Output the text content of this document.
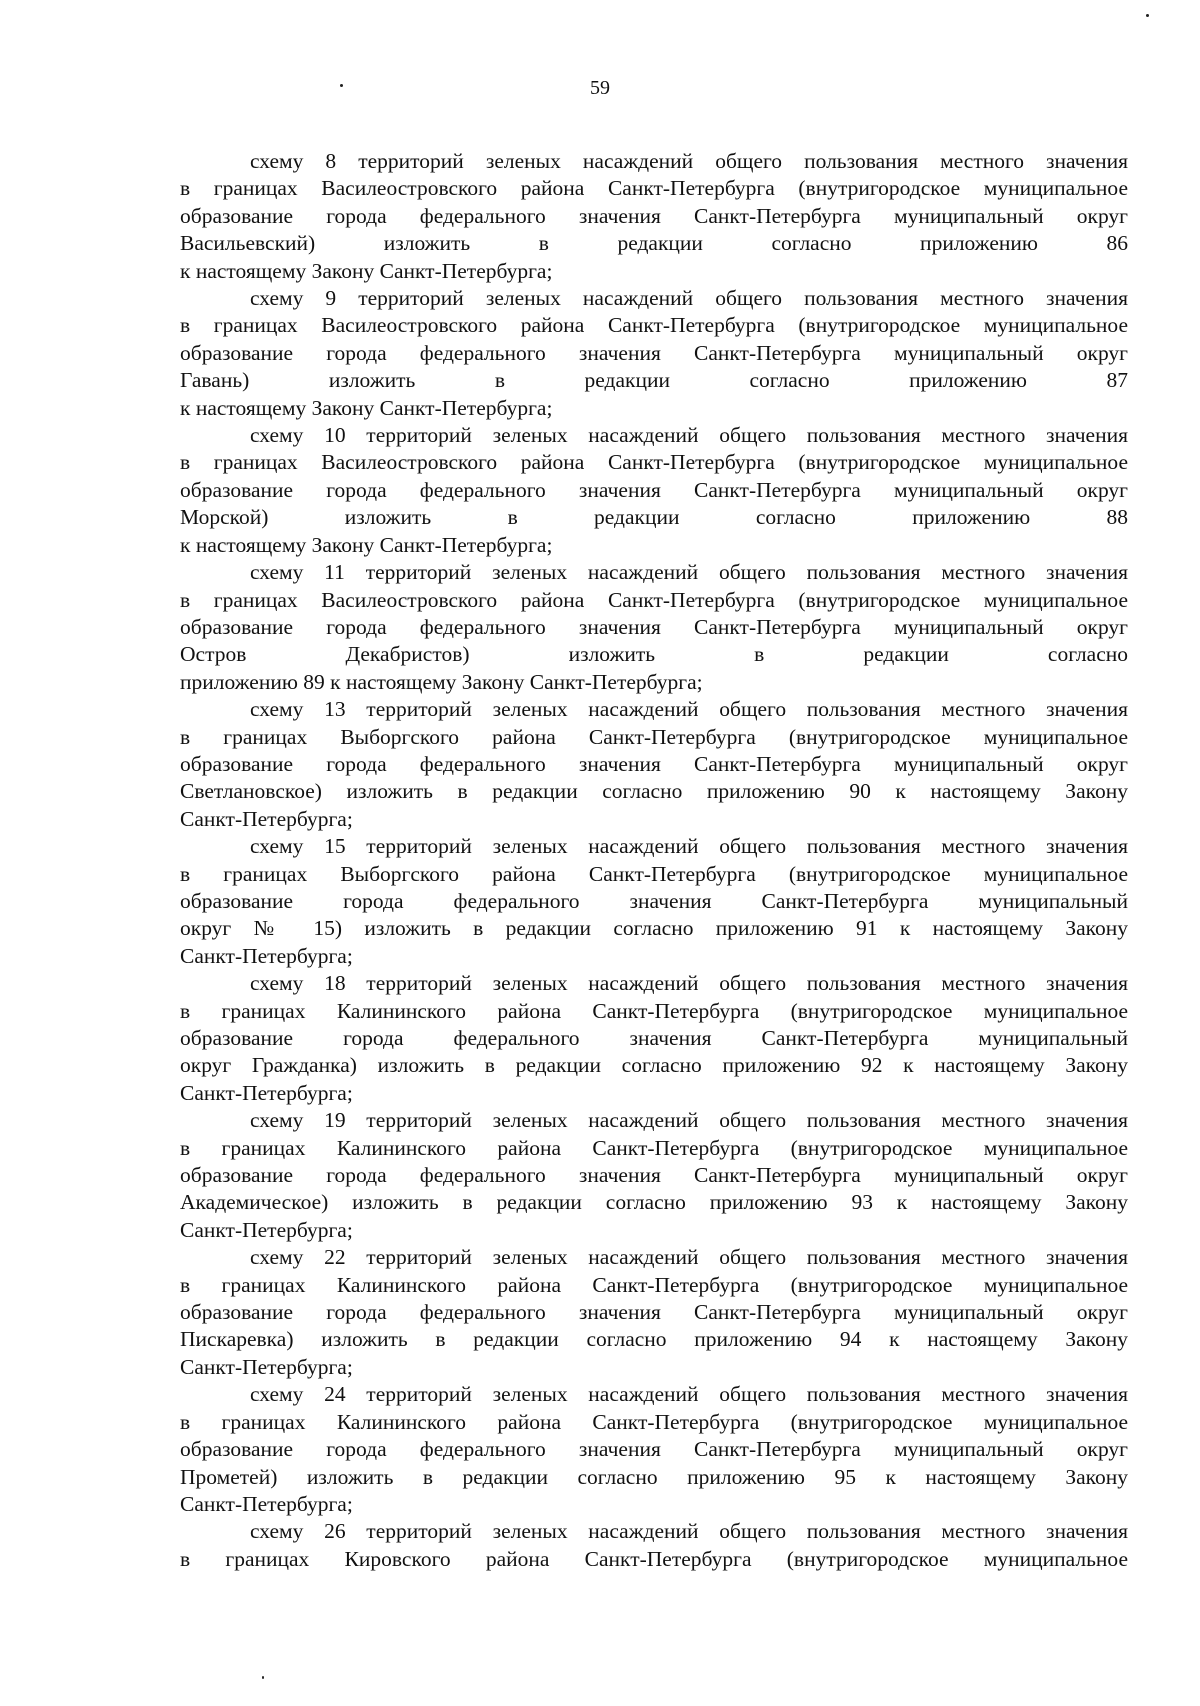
59

схему 8 территорий зеленых насаждений общего пользования местного значения
в границах Василеостровского района Санкт-Петербурга (внутригородское муниципальное
образование города федерального значения Санкт-Петербурга муниципальный округ
Васильевский) изложить в редакции согласно приложению 86
к настоящему Закону Санкт-Петербурга;

схему 9 территорий зеленых насаждений общего пользования местного значения
в границах Василеостровского района Санкт-Петербурга (внутригородское муниципальное
образование города федерального значения Санкт-Петербурга муниципальный округ
Гавань) изложить в редакции согласно приложению 87
к настоящему Закону Санкт-Петербурга;

схему 10 территорий зеленых насаждений общего пользования местного значения
в границах Василеостровского района Санкт-Петербурга (внутригородское муниципальное
образование города федерального значения Санкт-Петербурга муниципальный округ
Морской) изложить в редакции согласно приложению 88
к настоящему Закону Санкт-Петербурга;

схему 11 территорий зеленых насаждений общего пользования местного значения
в границах Василеостровского района Санкт-Петербурга (внутригородское муниципальное
образование города федерального значения Санкт-Петербурга муниципальный округ
Остров Декабристов) изложить в редакции согласно
приложению 89 к настоящему Закону Санкт-Петербурга;

схему 13 территорий зеленых насаждений общего пользования местного значения
в границах Выборгского района Санкт-Петербурга (внутригородское муниципальное
образование города федерального значения Санкт-Петербурга муниципальный округ
Светлановское) изложить в редакции согласно приложению 90 к настоящему Закону
Санкт-Петербурга;

схему 15 территорий зеленых насаждений общего пользования местного значения
в границах Выборгского района Санкт-Петербурга (внутригородское муниципальное
образование города федерального значения Санкт-Петербурга муниципальный
округ № 15) изложить в редакции согласно приложению 91 к настоящему Закону
Санкт-Петербурга;

схему 18 территорий зеленых насаждений общего пользования местного значения
в границах Калининского района Санкт-Петербурга (внутригородское муниципальное
образование города федерального значения Санкт-Петербурга муниципальный
округ Гражданка) изложить в редакции согласно приложению 92 к настоящему Закону
Санкт-Петербурга;

схему 19 территорий зеленых насаждений общего пользования местного значения
в границах Калининского района Санкт-Петербурга (внутригородское муниципальное
образование города федерального значения Санкт-Петербурга муниципальный округ
Академическое) изложить в редакции согласно приложению 93 к настоящему Закону
Санкт-Петербурга;

схему 22 территорий зеленых насаждений общего пользования местного значения
в границах Калининского района Санкт-Петербурга (внутригородское муниципальное
образование города федерального значения Санкт-Петербурга муниципальный округ
Пискаревка) изложить в редакции согласно приложению 94 к настоящему Закону
Санкт-Петербурга;

схему 24 территорий зеленых насаждений общего пользования местного значения
в границах Калининского района Санкт-Петербурга (внутригородское муниципальное
образование города федерального значения Санкт-Петербурга муниципальный округ
Прометей) изложить в редакции согласно приложению 95 к настоящему Закону
Санкт-Петербурга;

схему 26 территорий зеленых насаждений общего пользования местного значения
в границах Кировского района Санкт-Петербурга (внутригородское муниципальное
